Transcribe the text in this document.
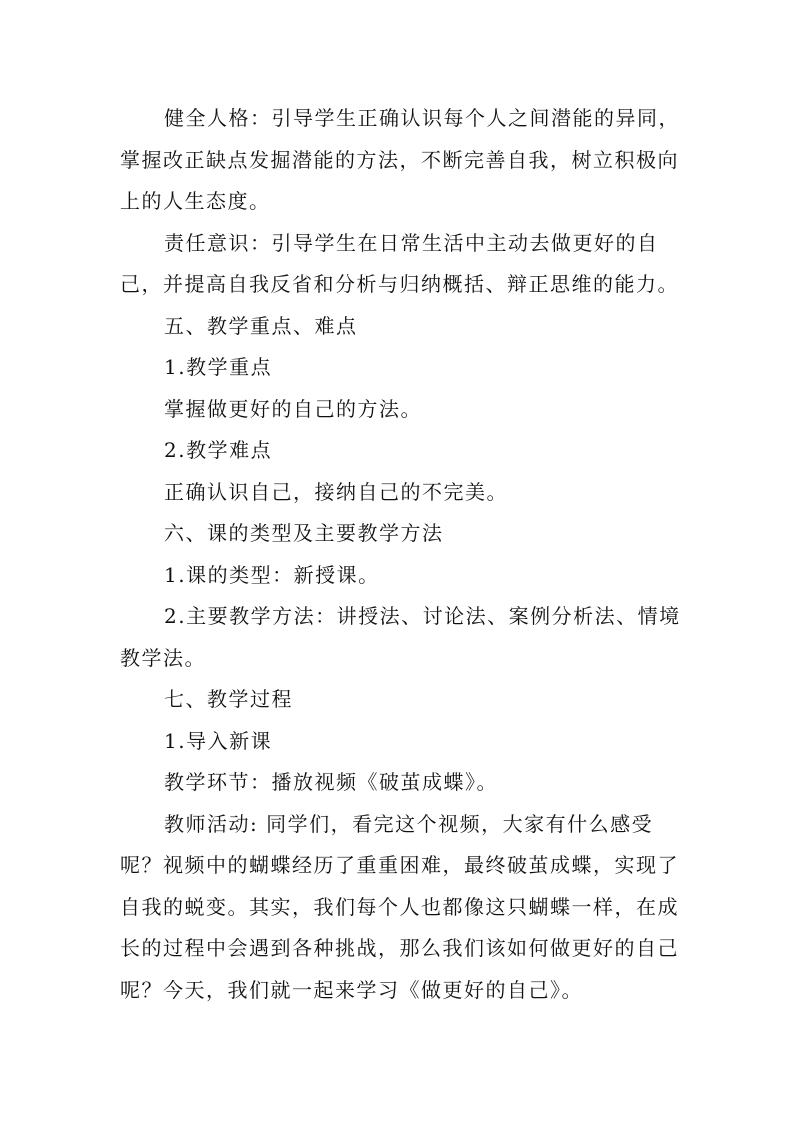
健全人格：引导学生正确认识每个人之间潜能的异同，掌握改正缺点发掘潜能的方法，不断完善自我，树立积极向上的人生态度。

责任意识：引导学生在日常生活中主动去做更好的自己，并提高自我反省和分析与归纳概括、辩正思维的能力。

五、教学重点、难点

1.教学重点

掌握做更好的自己的方法。

2.教学难点

正确认识自己，接纳自己的不完美。

六、课的类型及主要教学方法

1.课的类型：新授课。

2.主要教学方法：讲授法、讨论法、案例分析法、情境教学法。

七、教学过程

1.导入新课

教学环节：播放视频《破茧成蝶》。

教师活动: 同学们，看完这个视频，大家有什么感受呢？视频中的蝴蝶经历了重重困难，最终破茧成蝶，实现了自我的蜕变。其实，我们每个人也都像这只蝴蝶一样，在成长的过程中会遇到各种挑战，那么我们该如何做更好的自己呢？今天，我们就一起来学习《做更好的自己》。
